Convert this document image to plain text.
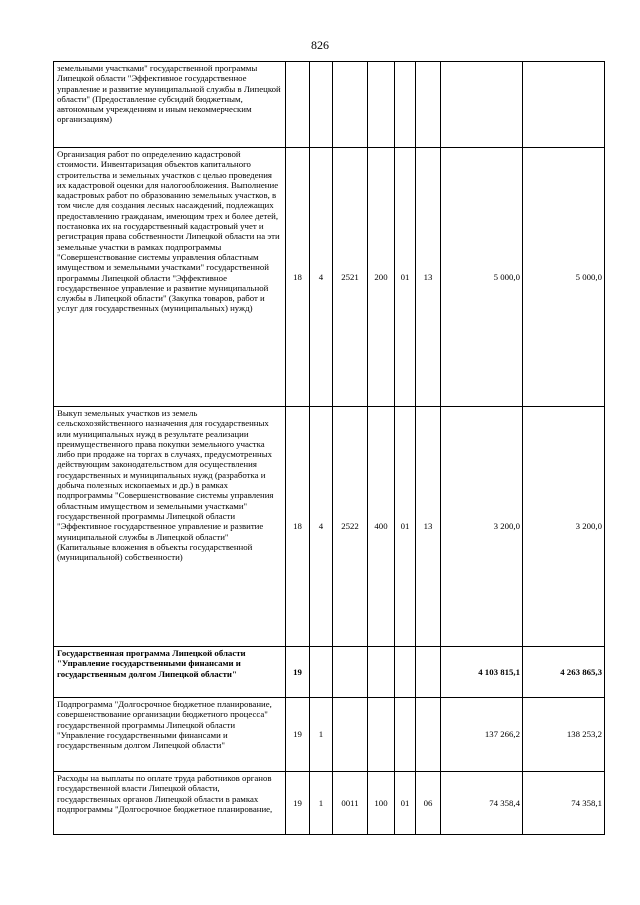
826
земельными участками" государственной программы Липецкой области "Эффективное государственное управление и развитие муниципальной службы в Липецкой области" (Предоставление субсидий бюджетным, автономным учреждениям и иным некоммерческим организациям)								
Организация работ по определению кадастровой стоимости. Инвентаризация объектов капитального строительства и земельных участков с целью проведения их кадастровой оценки для налогообложения. Выполнение кадастровых работ по образованию земельных участков, в том числе для создания лесных насаждений, подлежащих предоставлению гражданам, имеющим трех и более детей, постановка их на государственный кадастровый учет и регистрация права собственности Липецкой области на эти земельные участки в рамках подпрограммы "Совершенствование системы управления областным имуществом и земельными участками" государственной программы Липецкой области "Эффективное государственное управление и развитие муниципальной службы в Липецкой области" (Закупка товаров, работ и услуг для государственных (муниципальных) нужд)	18	4	2521	200	01	13	5 000,0	5 000,0
Выкуп земельных участков из земель сельскохозяйственного назначения для государственных или муниципальных нужд в результате реализации преимущественного права покупки земельного участка либо при продаже на торгах в случаях, предусмотренных действующим законодательством для осуществления государственных и муниципальных нужд (разработка и добыча полезных ископаемых и др.) в рамках подпрограммы "Совершенствование системы управления областным имуществом и земельными участками" государственной программы Липецкой области "Эффективное государственное управление и развитие муниципальной службы в Липецкой области" (Капитальные вложения в объекты государственной (муниципальной) собственности)	18	4	2522	400	01	13	3 200,0	3 200,0
Государственная программа Липецкой области "Управление государственными финансами и государственным долгом Липецкой области"	19						4 103 815,1	4 263 865,3
Подпрограмма "Долгосрочное бюджетное планирование, совершенствование организации бюджетного процесса" государственной программы Липецкой области "Управление государственными финансами и государственным долгом Липецкой области"	19	1					137 266,2	138 253,2
Расходы на выплаты по оплате труда работников органов государственной власти Липецкой области, государственных органов Липецкой области в рамках подпрограммы "Долгосрочное бюджетное планирование,	19	1	0011	100	01	06	74 358,4	74 358,1
